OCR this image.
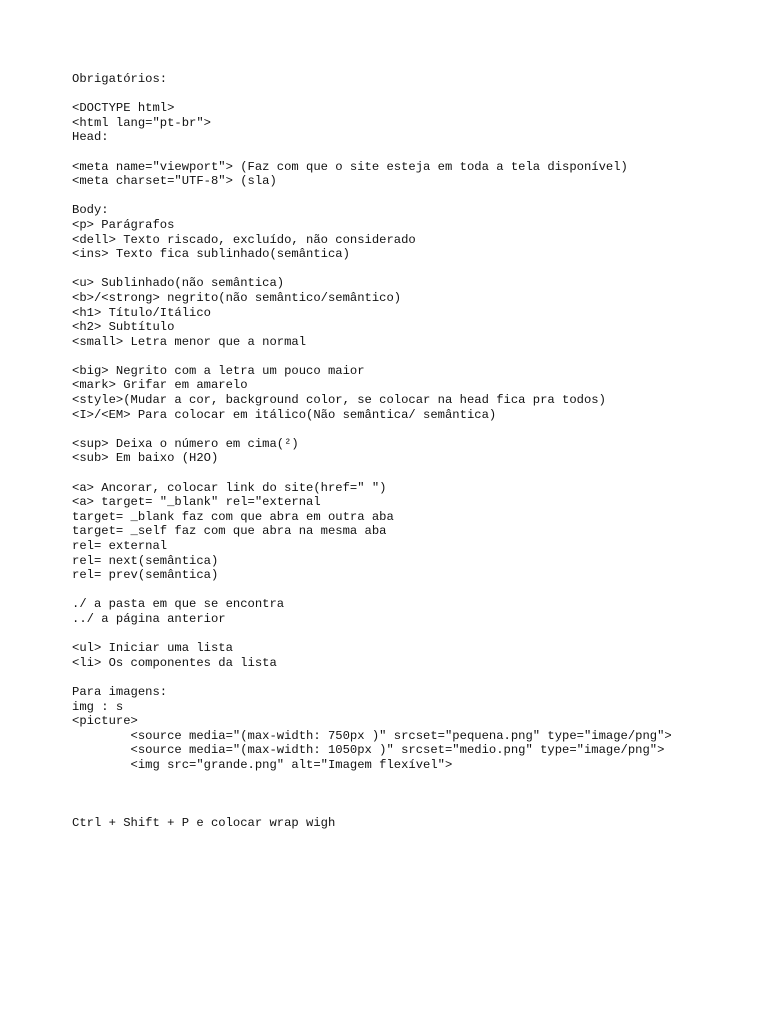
Obrigatórios:
<DOCTYPE html>
<html lang="pt-br">
Head:
<meta name="viewport"> (Faz com que o site esteja em toda a tela disponível)
<meta charset="UTF-8"> (sla)
Body:
<p> Parágrafos
<dell> Texto riscado, excluído, não considerado
<ins> Texto fica sublinhado(semântica)
<u> Sublinhado(não semântica)
<b>/<strong> negrito(não semântico/semântico)
<h1> Título/Itálico
<h2> Subtítulo
<small> Letra menor que a normal
<big> Negrito com a letra um pouco maior
<mark> Grifar em amarelo
<style>(Mudar a cor, background color, se colocar na head fica pra todos)
<I>/<EM> Para colocar em itálico(Não semântica/ semântica)
<sup> Deixa o número em cima(²)
<sub> Em baixo (H2O)
<a> Ancorar, colocar link do site(href=" ")
<a> target= "_blank" rel="external
target= _blank faz com que abra em outra aba
target= _self faz com que abra na mesma aba
rel= external
rel= next(semântica)
rel= prev(semântica)
./ a pasta em que se encontra
../ a página anterior
<ul> Iniciar uma lista
<li> Os componentes da lista
Para imagens:
img : s
<picture>
<source media="(max-width: 750px )" srcset="pequena.png" type="image/png">
<source media="(max-width: 1050px )" srcset="medio.png" type="image/png">
<img src="grande.png" alt="Imagem flexível">
Ctrl + Shift + P e colocar wrap wigh
